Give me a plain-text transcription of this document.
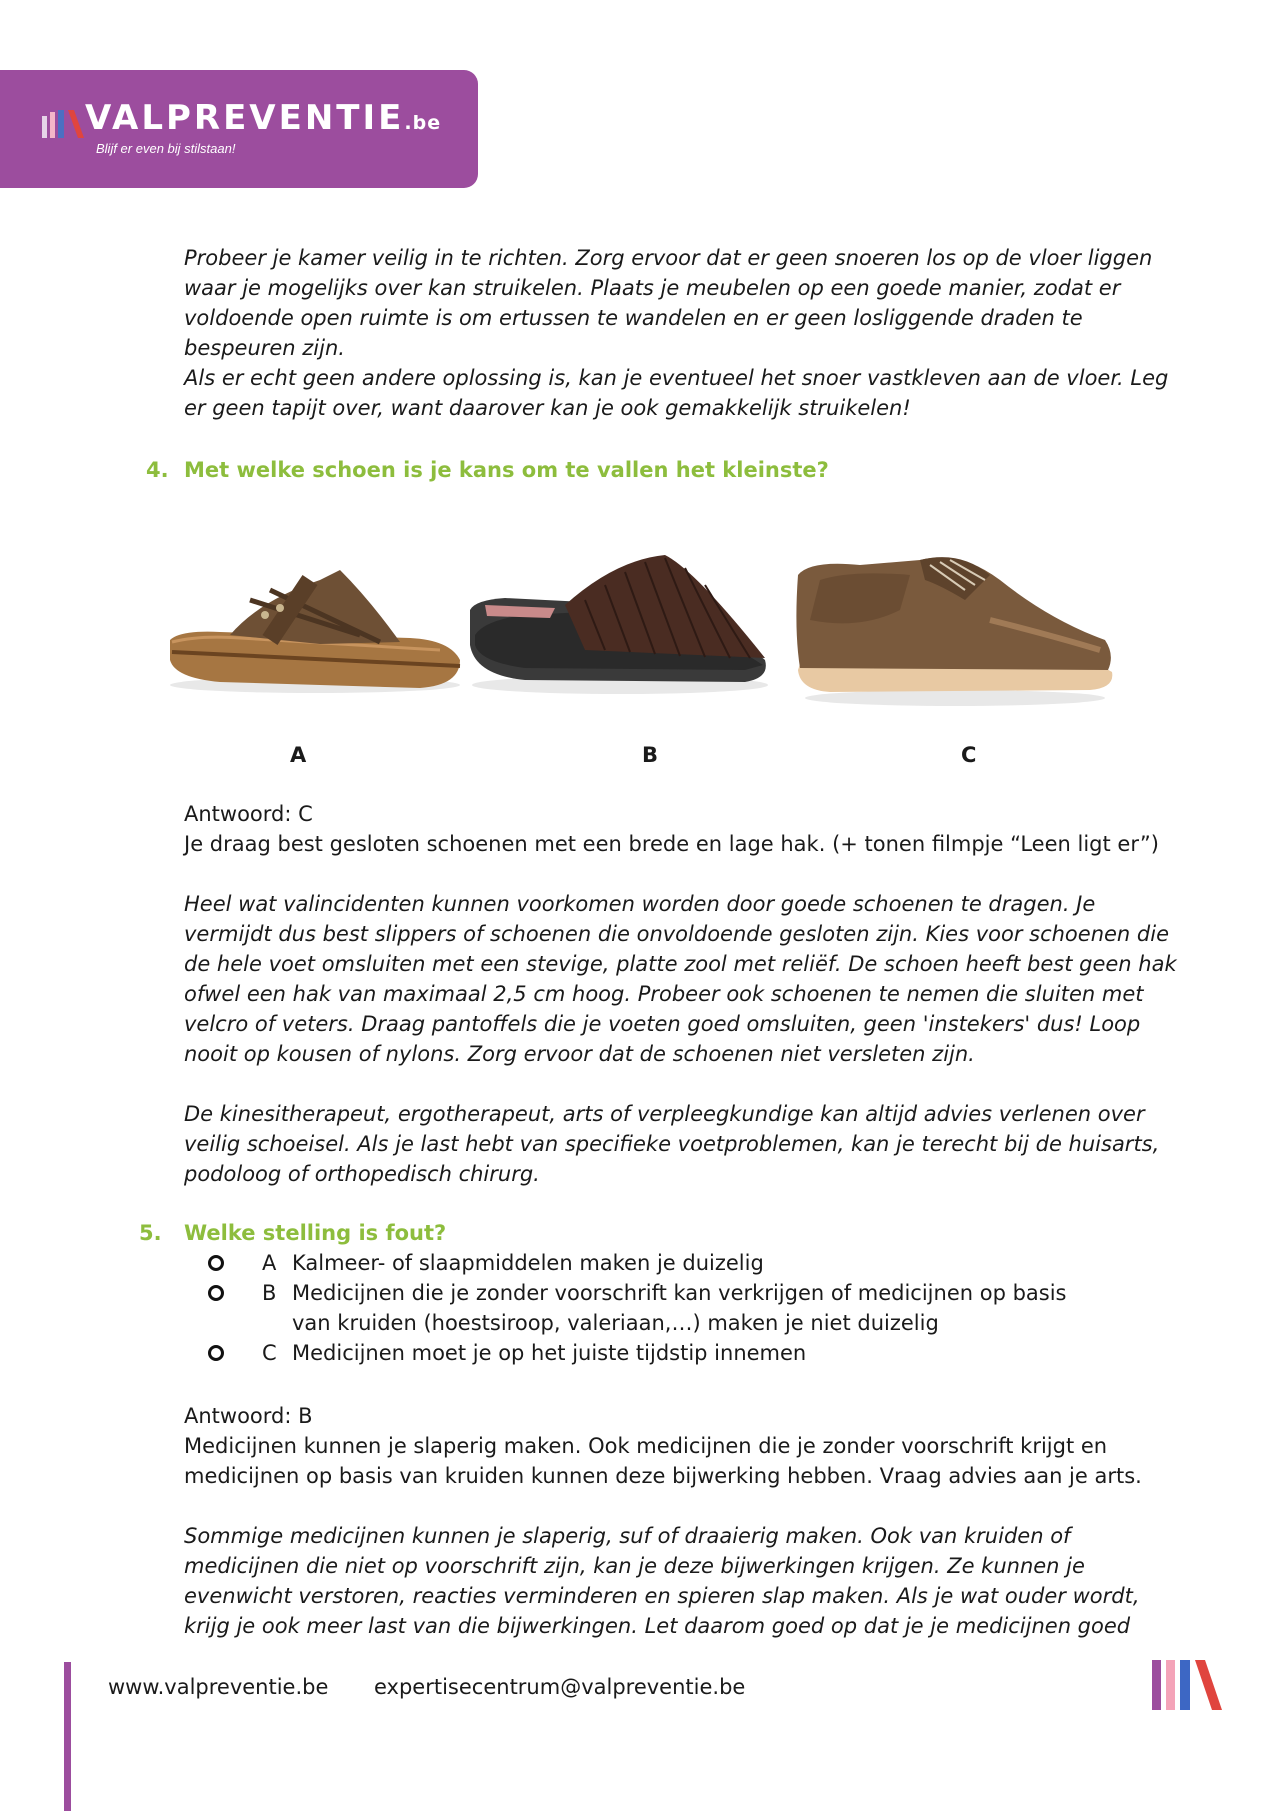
VALPREVENTIE.be
Blijf er even bij stilstaan!

Probeer je kamer veilig in te richten. Zorg ervoor dat er geen snoeren los op de vloer liggen
waar je mogelijks over kan struikelen. Plaats je meubelen op een goede manier, zodat er
voldoende open ruimte is om ertussen te wandelen en er geen losliggende draden te
bespeuren zijn.
Als er echt geen andere oplossing is, kan je eventueel het snoer vastkleven aan de vloer. Leg
er geen tapijt over, want daarover kan je ook gemakkelijk struikelen!

4. Met welke schoen is je kans om te vallen het kleinste?
A	B	C

Antwoord: C
Je draag best gesloten schoenen met een brede en lage hak. (+ tonen filmpje “Leen ligt er”)

Heel wat valincidenten kunnen voorkomen worden door goede schoenen te dragen. Je
vermijdt dus best slippers of schoenen die onvoldoende gesloten zijn. Kies voor schoenen die
de hele voet omsluiten met een stevige, platte zool met reliëf. De schoen heeft best geen hak
ofwel een hak van maximaal 2,5 cm hoog. Probeer ook schoenen te nemen die sluiten met
velcro of veters. Draag pantoffels die je voeten goed omsluiten, geen 'instekers' dus! Loop
nooit op kousen of nylons. Zorg ervoor dat de schoenen niet versleten zijn.

De kinesitherapeut, ergotherapeut, arts of verpleegkundige kan altijd advies verlenen over
veilig schoeisel. Als je last hebt van specifieke voetproblemen, kan je terecht bij de huisarts,
podoloog of orthopedisch chirurg.

5. Welke stelling is fout?
A Kalmeer- of slaapmiddelen maken je duizelig
B Medicijnen die je zonder voorschrift kan verkrijgen of medicijnen op basis
van kruiden (hoestsiroop, valeriaan,…) maken je niet duizelig
C Medicijnen moet je op het juiste tijdstip innemen

Antwoord: B
Medicijnen kunnen je slaperig maken. Ook medicijnen die je zonder voorschrift krijgt en
medicijnen op basis van kruiden kunnen deze bijwerking hebben. Vraag advies aan je arts.

Sommige medicijnen kunnen je slaperig, suf of draaierig maken. Ook van kruiden of
medicijnen die niet op voorschrift zijn, kan je deze bijwerkingen krijgen. Ze kunnen je
evenwicht verstoren, reacties verminderen en spieren slap maken. Als je wat ouder wordt,
krijg je ook meer last van die bijwerkingen. Let daarom goed op dat je je medicijnen goed

www.valpreventie.be expertisecentrum@valpreventie.be
